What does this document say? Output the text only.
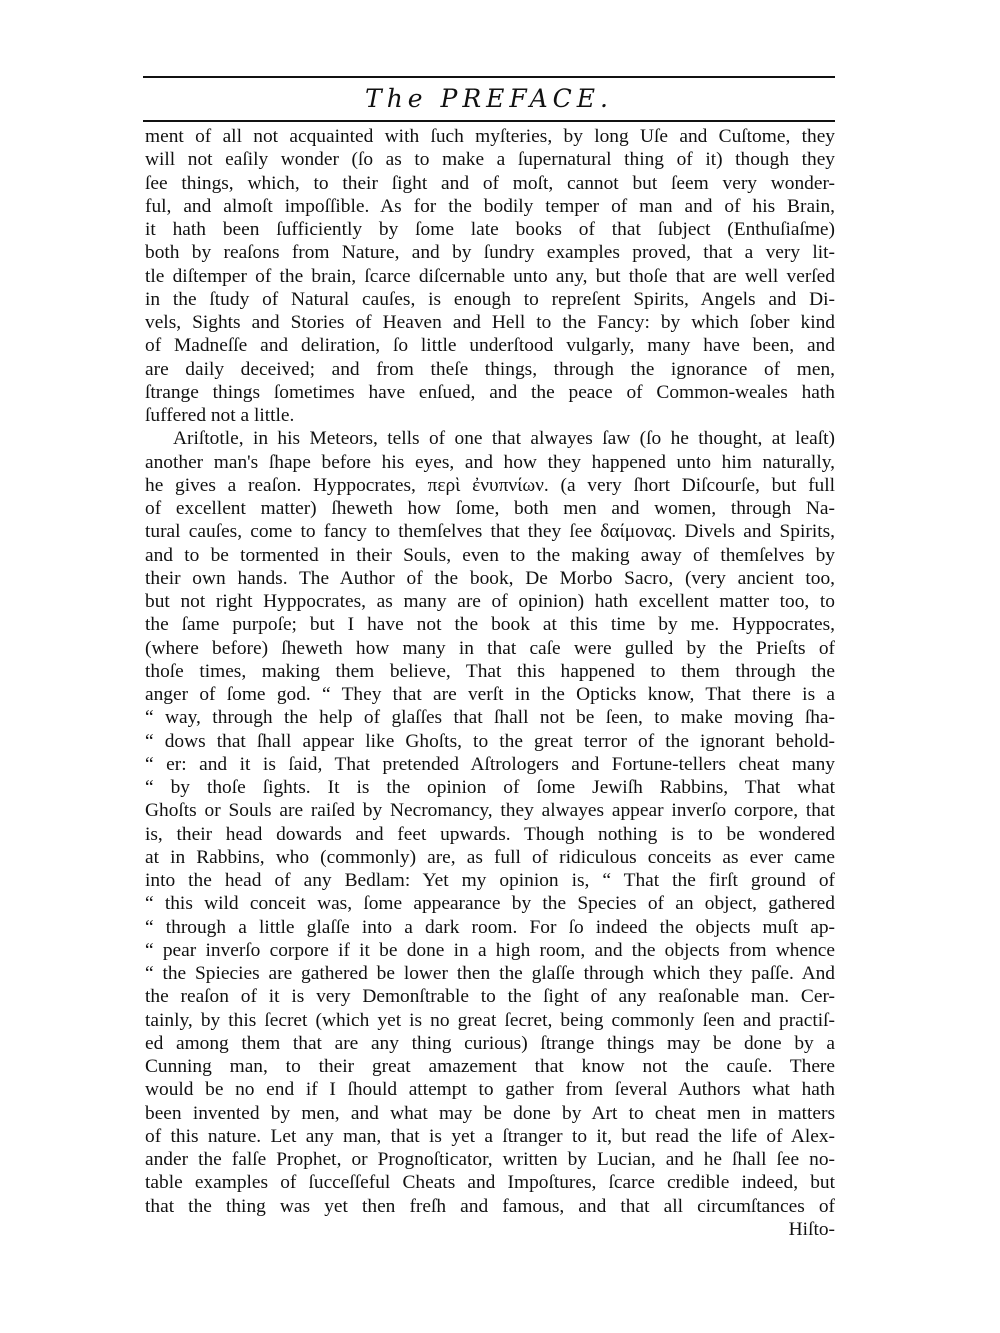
The PREFACE.
ment of all not acquainted with ſuch myſteries, by long Uſe and Cuſtome, they
will not eaſily wonder (ſo as to make a ſupernatural thing of it) though they
ſee things, which, to their ſight and of moſt, cannot but ſeem very wonder-
ful, and almoſt impoſſible. As for the bodily temper of man and of his Brain,
it hath been ſufficiently by ſome late books of that ſubject (Enthuſiaſme)
both by reaſons from Nature, and by ſundry examples proved, that a very lit-
tle diſtemper of the brain, ſcarce diſcernable unto any, but thoſe that are well verſed
in the ſtudy of Natural cauſes, is enough to repreſent Spirits, Angels and Di-
vels, Sights and Stories of Heaven and Hell to the Fancy: by which ſober kind
of Madneſſe and deliration, ſo little underſtood vulgarly, many have been, and
are daily deceived; and from theſe things, through the ignorance of men,
ſtrange things ſometimes have enſued, and the peace of Common-weales hath
ſuffered not a little.
Ariſtotle, in his Meteors, tells of one that alwayes ſaw (ſo he thought, at leaſt)
another man's ſhape before his eyes, and how they happened unto him naturally,
he gives a reaſon. Hyppocrates, περὶ ἐνυπνίων. (a very ſhort Diſcourſe, but full
of excellent matter) ſheweth how ſome, both men and women, through Na-
tural cauſes, come to fancy to themſelves that they ſee δαίμονας. Divels and Spirits,
and to be tormented in their Souls, even to the making away of themſelves by
their own hands. The Author of the book, De Morbo Sacro, (very ancient too,
but not right Hyppocrates, as many are of opinion) hath excellent matter too, to
the ſame purpoſe; but I have not the book at this time by me. Hyppocrates,
(where before) ſheweth how many in that caſe were gulled by the Prieſts of
thoſe times, making them believe, That this happened to them through the
anger of ſome god. “ They that are verſt in the Opticks know, That there is a
“ way, through the help of glaſſes that ſhall not be ſeen, to make moving ſha-
“ dows that ſhall appear like Ghoſts, to the great terror of the ignorant behold-
“ er: and it is ſaid, That pretended Aſtrologers and Fortune-tellers cheat many
“ by thoſe ſights. It is the opinion of ſome Jewiſh Rabbins, That what
Ghoſts or Souls are raiſed by Necromancy, they alwayes appear inverſo corpore, that
is, their head dowards and feet upwards. Though nothing is to be wondered
at in Rabbins, who (commonly) are, as full of ridiculous conceits as ever came
into the head of any Bedlam: Yet my opinion is, “ That the firſt ground of
“ this wild conceit was, ſome appearance by the Species of an object, gathered
“ through a little glaſſe into a dark room. For ſo indeed the objects muſt ap-
“ pear inverſo corpore if it be done in a high room, and the objects from whence
“ the Spiecies are gathered be lower then the glaſſe through which they paſſe. And
the reaſon of it is very Demonſtrable to the ſight of any reaſonable man. Cer-
tainly, by this ſecret (which yet is no great ſecret, being commonly ſeen and practiſ-
ed among them that are any thing curious) ſtrange things may be done by a
Cunning man, to their great amazement that know not the cauſe. There
would be no end if I ſhould attempt to gather from ſeveral Authors what hath
been invented by men, and what may be done by Art to cheat men in matters
of this nature. Let any man, that is yet a ſtranger to it, but read the life of Alex-
ander the falſe Prophet, or Prognoſticator, written by Lucian, and he ſhall ſee no-
table examples of ſucceſſeful Cheats and Impoſtures, ſcarce credible indeed, but
that the thing was yet then freſh and famous, and that all circumſtances of
Hiſto-
